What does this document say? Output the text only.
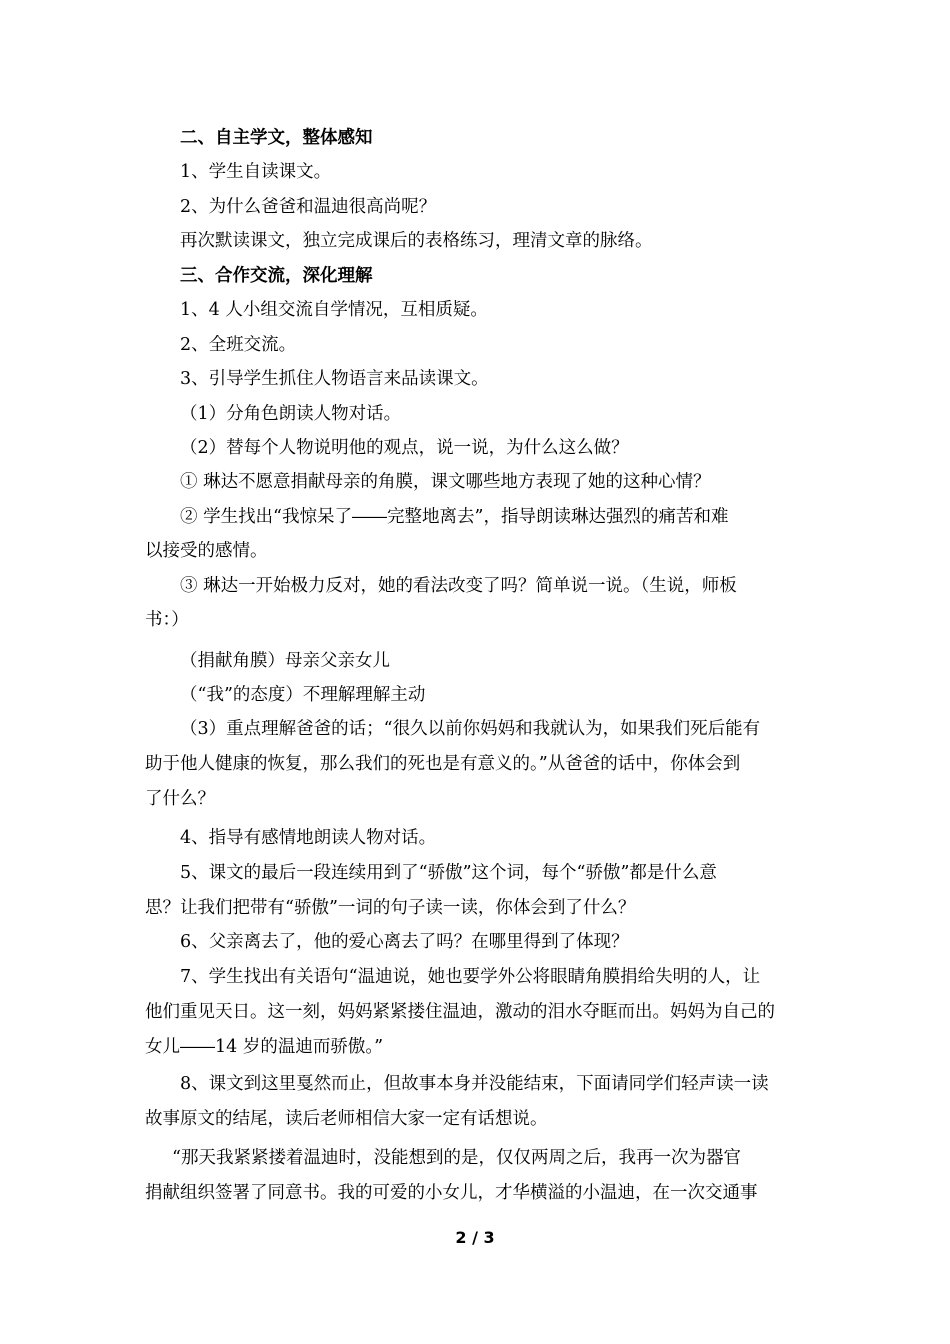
二、自主学文，整体感知
1、学生自读课文。
2、为什么爸爸和温迪很高尚呢？
再次默读课文，独立完成课后的表格练习，理清文章的脉络。
三、合作交流，深化理解
1、4 人小组交流自学情况，互相质疑。
2、全班交流。
3、引导学生抓住人物语言来品读课文。
（1）分角色朗读人物对话。
（2）替每个人物说明他的观点，说一说，为什么这么做？
① 琳达不愿意捐献母亲的角膜，课文哪些地方表现了她的这种心情？
② 学生找出“我惊呆了――完整地离去”，指导朗读琳达强烈的痛苦和难
以接受的感情。
③ 琳达一开始极力反对，她的看法改变了吗？简单说一说。（生说，师板
书：）
（捐献角膜）母亲父亲女儿
（“我”的态度）不理解理解主动
（3）重点理解爸爸的话；“很久以前你妈妈和我就认为，如果我们死后能有
助于他人健康的恢复，那么我们的死也是有意义的。”从爸爸的话中，你体会到
了什么？
4、指导有感情地朗读人物对话。
5、课文的最后一段连续用到了“骄傲”这个词，每个“骄傲”都是什么意
思？让我们把带有“骄傲”一词的句子读一读，你体会到了什么？
6、父亲离去了，他的爱心离去了吗？在哪里得到了体现？
7、学生找出有关语句“温迪说，她也要学外公将眼睛角膜捐给失明的人，让
他们重见天日。这一刻，妈妈紧紧搂住温迪，激动的泪水夺眶而出。妈妈为自己的
女儿――14 岁的温迪而骄傲。”
8、课文到这里戛然而止，但故事本身并没能结束，下面请同学们轻声读一读
故事原文的结尾，读后老师相信大家一定有话想说。
“那天我紧紧搂着温迪时，没能想到的是，仅仅两周之后，我再一次为器官
捐献组织签署了同意书。我的可爱的小女儿，才华横溢的小温迪，在一次交通事
2 / 3
